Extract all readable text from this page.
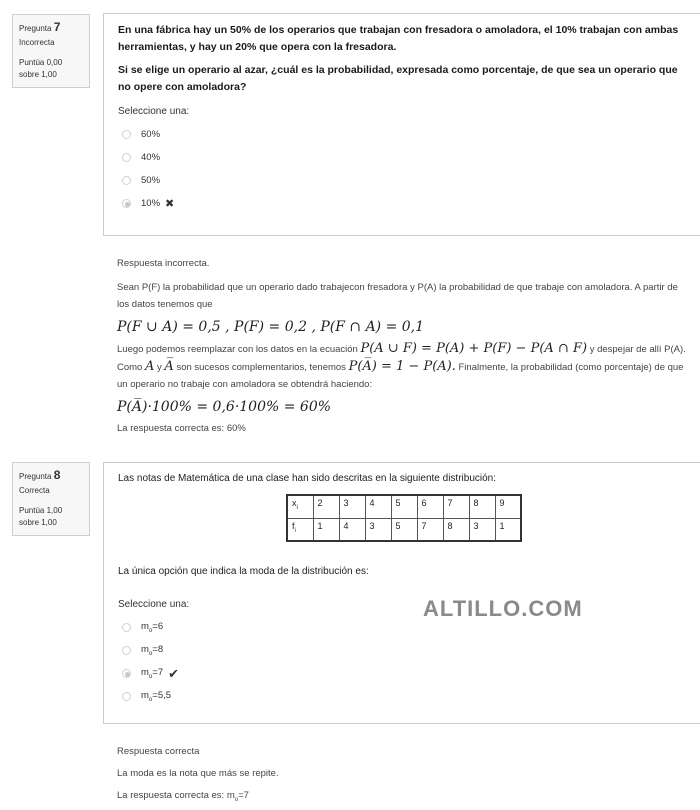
Pregunta 7
Incorrecta
Puntúa 0,00
sobre 1,00

En una fábrica hay un 50% de los operarios que trabajan con fresadora o amoladora, el 10% trabajan con ambas herramientas, y hay un 20% que opera con la fresadora.

Si se elige un operario al azar, ¿cuál es la probabilidad, expresada como porcentaje, de que sea un operario que no opere con amoladora?

Seleccione una:
60%
40%
50%
10% ✖

Respuesta incorrecta.

Sean P(F) la probabilidad que un operario dado trabajecon fresadora y P(A) la probabilidad de que trabaje con amoladora. A partir de los datos tenemos que

P(F ∪ A) = 0,5 , P(F) = 0,2 , P(F ∩ A) = 0,1

Luego podemos reemplazar con los datos en la ecuación P(A ∪ F) = P(A) + P(F) − P(A ∩ F) y despejar de allí P(A).
Como A y A̅ son sucesos complementarios, tenemos P(A̅) = 1 − P(A). Finalmente, la probabilidad (como porcentaje) de que un operario no trabaje con amoladora se obtendrá haciendo:

P(A̅)·100% = 0,6·100% = 60%

La respuesta correcta es: 60%

Pregunta 8
Correcta
Puntúa 1,00
sobre 1,00
Las notas de Matemática de una clase han sido descritas en la siguiente distribución:
$x_i$	2	3	4	5	6	7	8	9
$f_i$	1	4	3	5	7	8	3	1
La única opción que indica la moda de la distribución es:
Seleccione una:
$m_o=6$
$m_o=8$
$m_o=7$ ✔
$m_o=5,5$
ALTILLO.COM

Respuesta correcta

La moda es la nota que más se repite.

La respuesta correcta es: $m_o=7$
